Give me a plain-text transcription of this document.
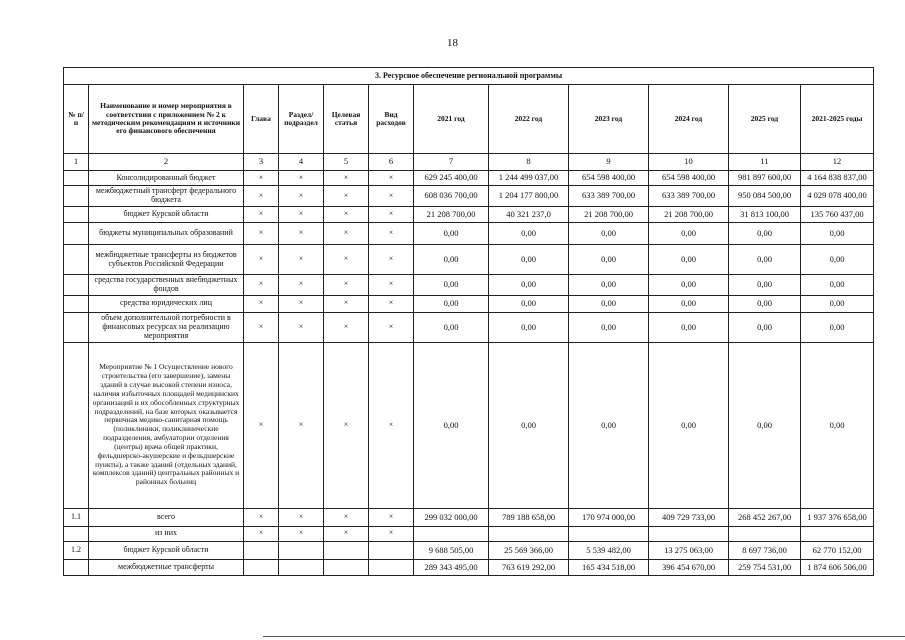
18
3. Ресурсное обеспечение региональной программы											
№ п/п	Наименование и номер мероприятия в соответствии с приложением № 2 к методическим рекомендациям и источники его финансового обеспечения	Глава	Раздел/ подраздел	Целевая статья	Вид расходов	2021 год	2022 год	2023 год	2024 год	2025 год	2021-2025 годы
1	2	3	4	5	6	7	8	9	10	11	12
	Консолидированный бюджет	×	×	×	×	629 245 400,00	1 244 499 037,00	654 598 400,00	654 598 400,00	981 897 600,00	4 164 838 837,00
	межбюджетный трансферт федерального бюджета	×	×	×	×	608 036 700,00	1 204 177 800,00	633 389 700,00	633 389 700,00	950 084 500,00	4 029 078 400,00
	бюджет Курской области	×	×	×	×	21 208 700,00	40 321 237,0	21 208 700,00	21 208 700,00	31 813 100,00	135 760 437,00
	бюджеты муниципальных образований	×	×	×	×	0,00	0,00	0,00	0,00	0,00	0,00
	межбюджетные трансферты из бюджетов субъектов Российской Федерации	×	×	×	×	0,00	0,00	0,00	0,00	0,00	0,00
	средства государственных внебюджетных фондов	×	×	×	×	0,00	0,00	0,00	0,00	0,00	0,00
	средства юридических лиц	×	×	×	×	0,00	0,00	0,00	0,00	0,00	0,00
	объем дополнительной потребности в финансовых ресурсах на реализацию мероприятия	×	×	×	×	0,00	0,00	0,00	0,00	0,00	0,00
	Мероприятие № 1 Осуществление нового строительства (его завершение), замены зданий в случае высокой степени износа, наличия избыточных площадей медицинских организаций и их обособленных структурных подразделений, на базе которых оказывается первичная медико-санитарная помощь (поликлиники, поликлинические подразделения, амбулатории отделения (центры) врача общей практики, фельдшерско-акушерские и фельдшерские пункты), а также зданий (отдельных зданий, комплексов зданий) центральных районных и районных больниц	×	×	×	×	0,00	0,00	0,00	0,00	0,00	0,00
1.1	всего	×	×	×	×	299 032 000,00	789 188 658,00	170 974 000,00	409 729 733,00	268 452 267,00	1 937 376 658,00
	из них	×	×	×	×						
1.2	бюджет Курской области					9 688 505,00	25 569 366,00	5 539 482,00	13 275 063,00	8 697 736,00	62 770 152,00
	межбюджетные трансферты					289 343 495,00	763 619 292,00	165 434 518,00	396 454 670,00	259 754 531,00	1 874 606 506,00
